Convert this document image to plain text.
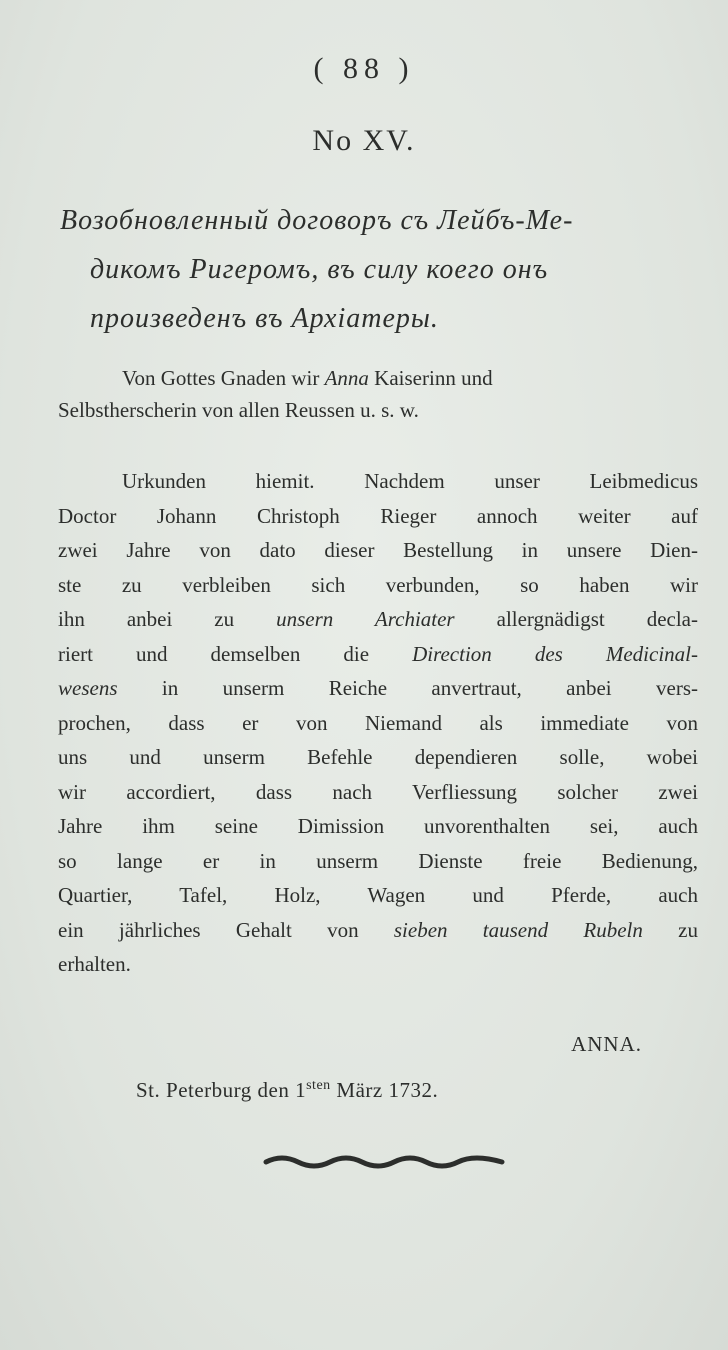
( 88 )
No XV.
Возобновленный договоръ съ Лейбъ-Ме-
дикомъ Ригеромъ, въ силу коего онъ
произведенъ въ Архіатеры.
Von Gottes Gnaden wir Anna Kaiserinn und
Selbstherscherin von allen Reussen u. s. w.
Urkunden hiemit. Nachdem unser Leibmedicus
Doctor Johann Christoph Rieger annoch weiter auf
zwei Jahre von dato dieser Bestellung in unsere Dien-
ste zu verbleiben sich verbunden, so haben wir
ihn anbei zu unsern Archiater allergnädigst decla-
riert und demselben die Direction des Medicinal-
wesens in unserm Reiche anvertraut, anbei vers-
prochen, dass er von Niemand als immediate von
uns und unserm Befehle dependieren solle, wobei
wir accordiert, dass nach Verfliessung solcher zwei
Jahre ihm seine Dimission unvorenthalten sei, auch
so lange er in unserm Dienste freie Bedienung,
Quartier, Tafel, Holz, Wagen und Pferde, auch
ein jährliches Gehalt von sieben tausend Rubeln zu
erhalten.
ANNA.
St. Peterburg den $1^{sten}$ März 1732.
